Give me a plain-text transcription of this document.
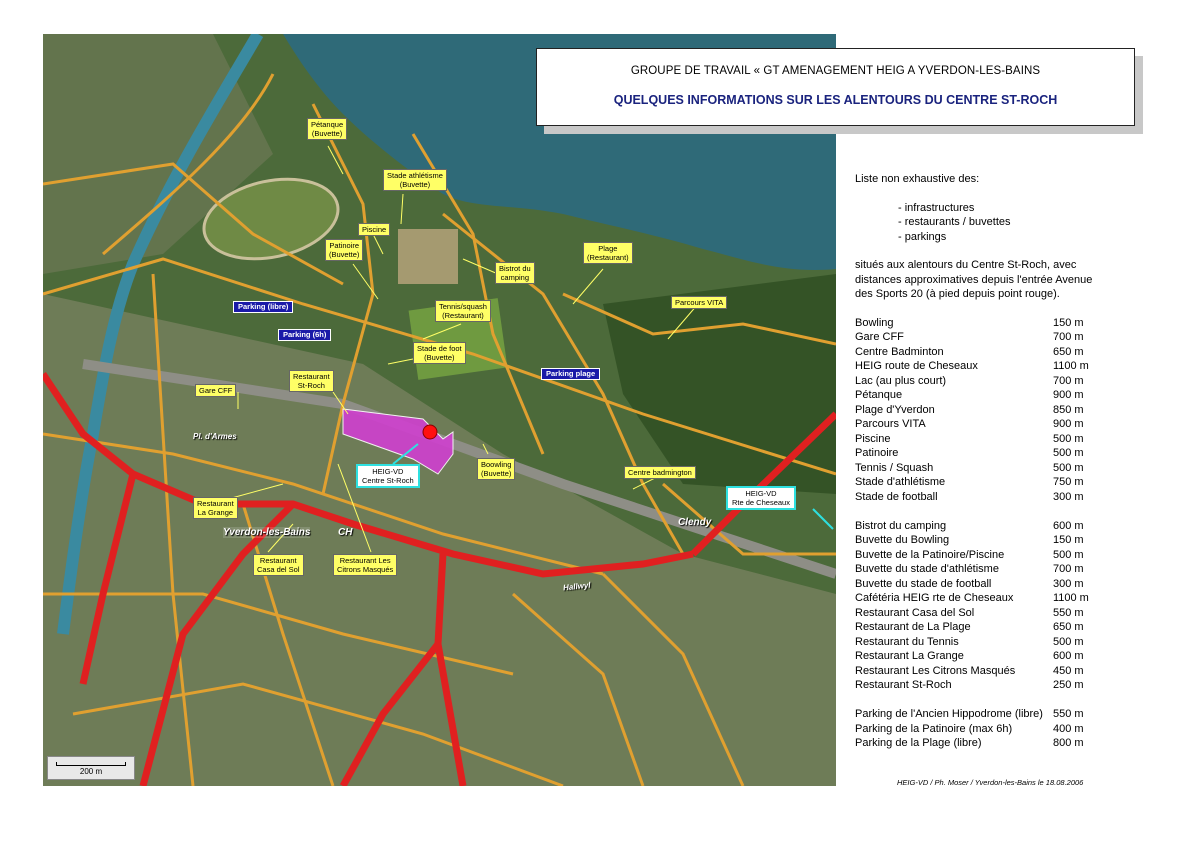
Clendy
Yverdon-les-Bains	CH
Pl. d'Armes
Hallwyl
Pétanque
(Buvette)
Stade athlétisme
(Buvette)
Piscine
Patinoire
(Buvette)
Bistrot du
camping
Plage
(Restaurant)
Tennis/squash
(Restaurant)
Parcours VITA
Stade de foot
(Buvette)
Restaurant
St-Roch
Gare CFF
Boowling
(Buvette)	Centre badmington
Restaurant
La Grange
Restaurant
Casa del Sol
Restaurant Les
Citrons Masqués
HEIG-VD
Centre St-Roch
HEIG-VD
Rte de Cheseaux
Parking (libre)
Parking (6h)
Parking plage
200 m
GROUPE DE TRAVAIL « GT AMENAGEMENT HEIG A YVERDON-LES-BAINS
QUELQUES INFORMATIONS SUR LES ALENTOURS DU CENTRE ST-ROCH
Liste non exhaustive des:
- infrastructures
- restaurants / buvettes
- parkings
situés aux alentours du Centre St-Roch, avec distances approximatives depuis l'entrée Avenue des Sports 20 (à pied depuis point rouge).
Bowling	150 m
Gare CFF	700 m
Centre Badminton	650 m
HEIG route de Cheseaux	1100 m
Lac (au plus court)	700 m
Pétanque	900 m
Plage d'Yverdon	850 m
Parcours VITA	900 m
Piscine	500 m
Patinoire	500 m
Tennis / Squash	500 m
Stade d'athlétisme	750 m
Stade de football	300 m

Bistrot du camping	600 m
Buvette du Bowling	150 m
Buvette de la Patinoire/Piscine	500 m
Buvette du stade d'athlétisme	700 m
Buvette du stade de football	300 m
Cafétéria HEIG rte de Cheseaux	1100 m
Restaurant Casa del Sol	550 m
Restaurant de La Plage	650 m
Restaurant du Tennis	500 m
Restaurant La Grange	600 m
Restaurant Les Citrons Masqués	450 m
Restaurant St-Roch	250 m

Parking de l'Ancien Hippodrome (libre)	550 m
Parking de la Patinoire (max 6h)	400 m
Parking de la Plage (libre)	800 m
HEIG-VD / Ph. Moser / Yverdon-les-Bains le 18.08.2006
